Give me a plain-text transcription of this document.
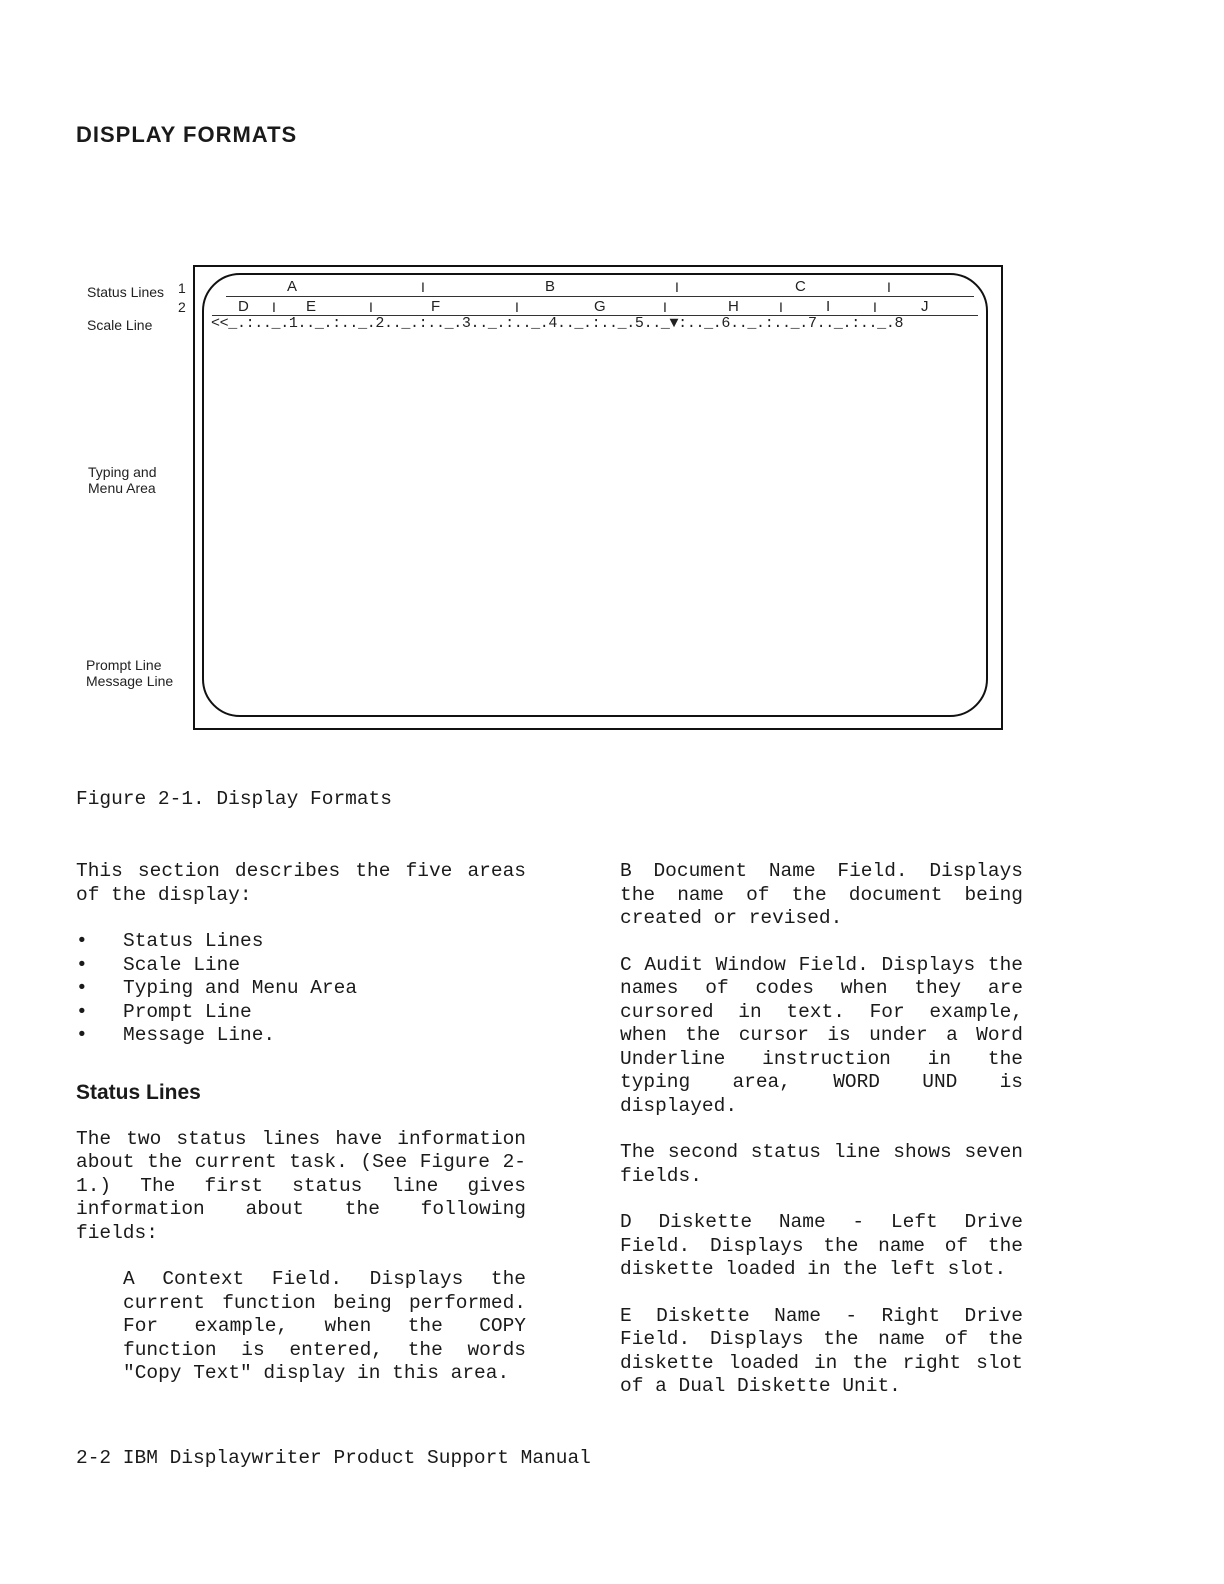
DISPLAY FORMATS
Status Lines 1
2
Scale Line
Typing and
Menu Area
Prompt Line
Message Line
A	I	B	I	C	I
D I E	I	F	I	G	I	H	I	I	I	J
<<_.:.._.1.._.:.._.2.._.:.._.3.._.:.._.4.._.:.._.5.._▼:.._.6.._.:.._.7.._.:.._.8
Figure 2-1. Display Formats

This section describes the five areas of the display:

• Status Lines
• Scale Line
• Typing and Menu Area
• Prompt Line
• Message Line.
Status Lines

The two status lines have information about the current task. (See Figure 2-1.) The first status line gives information about the following fields:

A Context Field. Displays the current function being performed. For example, when the COPY function is entered, the words "Copy Text" display in this area.

B Document Name Field. Displays the name of the document being created or revised.

C Audit Window Field. Displays the names of codes when they are cursored in text. For example, when the cursor is under a Word Underline instruction in the typing area, WORD UND is displayed.

The second status line shows seven fields.

D Diskette Name - Left Drive Field. Displays the name of the diskette loaded in the left slot.

E Diskette Name - Right Drive Field. Displays the name of the diskette loaded in the right slot of a Dual Diskette Unit.

2-2 IBM Displaywriter Product Support Manual
